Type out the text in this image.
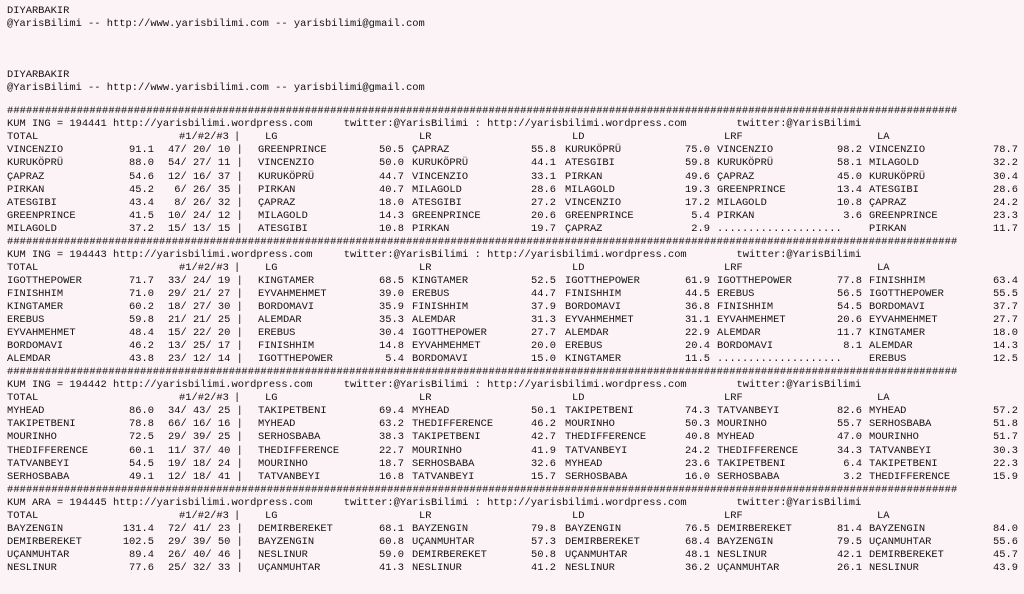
DIYARBAKIR
@YarisBilimi -- http://www.yarisbilimi.com -- yarisbilimi@gmail.com
DIYARBAKIR
@YarisBilimi -- http://www.yarisbilimi.com -- yarisbilimi@gmail.com
######################################################################################################################################################
KUM ING = 194441 http://yarisbilimi.wordpress.com     twitter:@YarisBilimi : http://yarisbilimi.wordpress.com        twitter:@YarisBilimi
TOTAL	#1/#2/#3 | LG	LR	LD	LRF	LA
VINCENZIO	91.1 47/ 20/ 10 | GREENPRINCE	50.5 ÇAPRAZ	55.8 KURUKÖPRÜ	75.0 VINCENZIO	98.2 VINCENZIO	78.7
KURUKÖPRÜ	88.0 54/ 27/ 11 | VINCENZIO	50.0 KURUKÖPRÜ	44.1 ATESGIBI	59.8 KURUKÖPRÜ	58.1 MILAGOLD	32.2
ÇAPRAZ	54.6 12/ 16/ 37 | KURUKÖPRÜ	44.7 VINCENZIO	33.1 PIRKAN	49.6 ÇAPRAZ	45.0 KURUKÖPRÜ	30.4
PIRKAN	45.2 6/ 26/ 35 | PIRKAN	40.7 MILAGOLD	28.6 MILAGOLD	19.3 GREENPRINCE	13.4 ATESGIBI	28.6
ATESGIBI	43.4 8/ 26/ 32 | ÇAPRAZ	18.0 ATESGIBI	27.2 VINCENZIO	17.2 MILAGOLD	10.8 ÇAPRAZ	24.2
GREENPRINCE	41.5 10/ 24/ 12 | MILAGOLD	14.3 GREENPRINCE	20.6 GREENPRINCE	5.4 PIRKAN	3.6 GREENPRINCE	23.3
MILAGOLD	37.2 15/ 13/ 15 | ATESGIBI	10.8 PIRKAN	19.7 ÇAPRAZ	2.9 ....................	PIRKAN	11.7
######################################################################################################################################################
KUM ING = 194443 http://yarisbilimi.wordpress.com     twitter:@YarisBilimi : http://yarisbilimi.wordpress.com        twitter:@YarisBilimi
TOTAL	#1/#2/#3 | LG	LR	LD	LRF	LA
IGOTTHEPOWER	71.7 33/ 24/ 19 | KINGTAMER	68.5 KINGTAMER	52.5 IGOTTHEPOWER	61.9 IGOTTHEPOWER	77.8 FINISHHIM	63.4
FINISHHIM	71.0 29/ 21/ 27 | EYVAHMEHMET	39.0 EREBUS	44.7 FINISHHIM	44.5 EREBUS	56.5 IGOTTHEPOWER	55.5
KINGTAMER	60.2 18/ 27/ 30 | BORDOMAVI	35.9 FINISHHIM	37.9 BORDOMAVI	36.8 FINISHHIM	54.5 BORDOMAVI	37.7
EREBUS	59.8 21/ 21/ 25 | ALEMDAR	35.3 ALEMDAR	31.3 EYVAHMEHMET	31.1 EYVAHMEHMET	20.6 EYVAHMEHMET	27.7
EYVAHMEHMET	48.4 15/ 22/ 20 | EREBUS	30.4 IGOTTHEPOWER	27.7 ALEMDAR	22.9 ALEMDAR	11.7 KINGTAMER	18.0
BORDOMAVI	46.2 13/ 25/ 17 | FINISHHIM	14.8 EYVAHMEHMET	20.0 EREBUS	20.4 BORDOMAVI	8.1 ALEMDAR	14.3
ALEMDAR	43.8 23/ 12/ 14 | IGOTTHEPOWER	5.4 BORDOMAVI	15.0 KINGTAMER	11.5 ....................	EREBUS	12.5
######################################################################################################################################################
KUM ING = 194442 http://yarisbilimi.wordpress.com     twitter:@YarisBilimi : http://yarisbilimi.wordpress.com        twitter:@YarisBilimi
TOTAL	#1/#2/#3 | LG	LR	LD	LRF	LA
MYHEAD	86.0 34/ 43/ 25 | TAKIPETBENI	69.4 MYHEAD	50.1 TAKIPETBENI	74.3 TATVANBEYI	82.6 MYHEAD	57.2
TAKIPETBENI	78.8 66/ 16/ 16 | MYHEAD	63.2 THEDIFFERENCE	46.2 MOURINHO	50.3 MOURINHO	55.7 SERHOSBABA	51.8
MOURINHO	72.5 29/ 39/ 25 | SERHOSBABA	38.3 TAKIPETBENI	42.7 THEDIFFERENCE	40.8 MYHEAD	47.0 MOURINHO	51.7
THEDIFFERENCE	60.1 11/ 37/ 40 | THEDIFFERENCE	22.7 MOURINHO	41.9 TATVANBEYI	24.2 THEDIFFERENCE	34.3 TATVANBEYI	30.3
TATVANBEYI	54.5 19/ 18/ 24 | MOURINHO	18.7 SERHOSBABA	32.6 MYHEAD	23.6 TAKIPETBENI	6.4 TAKIPETBENI	22.3
SERHOSBABA	49.1 12/ 18/ 41 | TATVANBEYI	16.8 TATVANBEYI	15.7 SERHOSBABA	16.0 SERHOSBABA	3.2 THEDIFFERENCE	15.9
######################################################################################################################################################
KUM ARA = 194445 http://yarisbilimi.wordpress.com     twitter:@YarisBilimi : http://yarisbilimi.wordpress.com        twitter:@YarisBilimi
TOTAL	#1/#2/#3 | LG	LR	LD	LRF	LA
BAYZENGIN	131.4 72/ 41/ 23 | DEMIRBEREKET	68.1 BAYZENGIN	79.8 BAYZENGIN	76.5 DEMIRBEREKET	81.4 BAYZENGIN	84.0
DEMIRBEREKET	102.5 29/ 39/ 50 | BAYZENGIN	60.8 UÇANMUHTAR	57.3 DEMIRBEREKET	68.4 BAYZENGIN	79.5 UÇANMUHTAR	55.6
UÇANMUHTAR	89.4 26/ 40/ 46 | NESLINUR	59.0 DEMIRBEREKET	50.8 UÇANMUHTAR	48.1 NESLINUR	42.1 DEMIRBEREKET	45.7
NESLINUR	77.6 25/ 32/ 33 | UÇANMUHTAR	41.3 NESLINUR	41.2 NESLINUR	36.2 UÇANMUHTAR	26.1 NESLINUR	43.9
